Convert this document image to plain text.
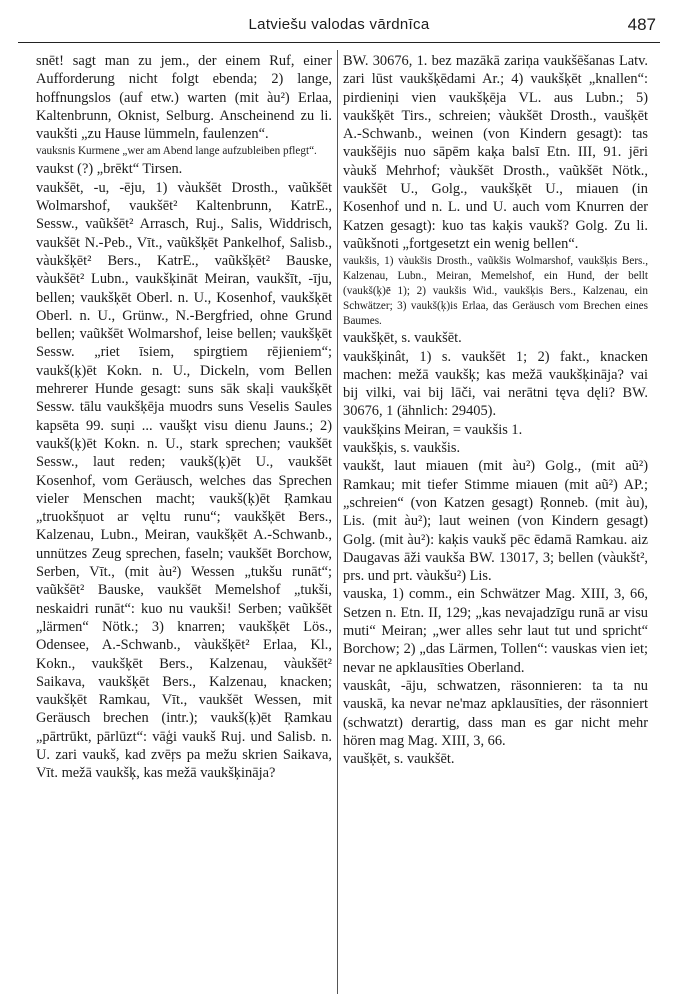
Latviešu valodas vārdnīca	487

snēt! sagt man zu jem., der einem Ruf, einer Aufforderung nicht folgt ebenda; 2) lange, hoffnungslos (auf etw.) warten (mit àu²) Erlaa, Kaltenbrunn, Oknist, Selburg. Anscheinend zu li. vaukšti „zu Hause lümmeln, faulenzen“.

vauksnis Kurmene „wer am Abend lange aufzubleiben pflegt“.

vaukst (?) „brēkt“ Tirsen.

vaukšēt, -u, -ēju, 1) vàukšēt Drosth., vaũkšēt Wolmarshof, vaukšēt² Kaltenbrunn, KatrE., Sessw., vaũkšēt² Arrasch, Ruj., Salis, Widdrisch, vaukšēt N.-Peb., Vīt., vaũkšķēt Pankelhof, Salisb., vàukšķēt² Bers., KatrE., vaũkšķēt² Bauske, vàukšēt² Lubn., vaukšķināt Meiran, vaukšīt, -īju, bellen; vaukšķēt Oberl. n. U., Kosenhof, vaukšķēt Oberl. n. U., Grünw., N.-Bergfried, ohne Grund bellen; vaũkšēt Wolmarshof, leise bellen; vaukšķēt Sessw. „riet īsiem, spirgtiem rējieniem“; vaukš(ķ)ēt Kokn. n. U., Dickeln, vom Bellen mehrerer Hunde gesagt: suns sāk skaļi vaukšķēt Sessw. tālu vaukšķēja muodrs suns Veselis Saules kapsēta 99. suņi ... vaušķt visu dienu Jauns.; 2) vaukš(ķ)ēt Kokn. n. U., stark sprechen; vaukšēt Sessw., laut reden; vaukš(ķ)ēt U., vaukšēt Kosenhof, vom Geräusch, welches das Sprechen vieler Menschen macht; vaukš(ķ)ēt Ŗamkau „truokšņuot ar vęltu runu“; vaukšķēt Bers., Kalzenau, Lubn., Meiran, vaukšķēt A.-Schwanb., unnützes Zeug sprechen, faseln; vaukšēt Borchow, Serben, Vīt., (mit àu²) Wessen „tukšu runāt“; vaũkšēt² Bauske, vaukšēt Memelshof „tukši, neskaidri runāt“: kuo nu vaukši! Serben; vaũkšēt „lärmen“ Nötk.; 3) knarren; vaukšķēt Lös., Odensee, A.-Schwanb., vàukšķēt² Erlaa, Kl., Kokn., vaukšķēt Bers., Kalzenau, vàukšēt² Saikava, vaukšķēt Bers., Kalzenau, knacken; vaukšķēt Ramkau, Vīt., vaukšēt Wessen, mit Geräusch brechen (intr.); vaukš(ķ)ēt Ŗamkau „pārtrūkt, pārlūzt“: vāģi vaukš Ruj. und Salisb. n. U. zari vaukš, kad zvēŗs pa mežu skrien Saikava, Vīt. mežā vaukšķ, kas mežā vaukšķināja?

BW. 30676, 1. bez mazākā zariņa vaukšēšanas Latv. zari lūst vaukšķēdami Ar.; 4) vaukšķēt „knallen“: pirdieniņi vien vaukšķēja VL. aus Lubn.; 5) vaukšķēt Tirs., schreien; vàukšēt Drosth., vaušķēt A.-Schwanb., weinen (von Kindern gesagt): tas vaukšējis nuo sāpēm kaķa balsī Etn. III, 91. jēri vàukš Mehrhof; vàukšēt Drosth., vaũkšēt Nötk., vaukšēt U., Golg., vaukšķēt U., miauen (in Kosenhof und n. L. und U. auch vom Knurren der Katzen gesagt): kuo tas kaķis vaukš? Golg. Zu li. vaũkšnoti „fortgesetzt ein wenig bellen“.

vaukšis, 1) vàukšis Drosth., vaũkšis Wolmarshof, vaukšķis Bers., Kalzenau, Lubn., Meiran, Memelshof, ein Hund, der bellt (vaukš(ķ)ē 1); 2) vaukšis Wid., vaukšķis Bers., Kalzenau, ein Schwätzer; 3) vaukš(ķ)is Erlaa, das Geräusch vom Brechen eines Baumes.

vaukšķēt, s. vaukšēt.

vaukšķinât, 1) s. vaukšēt 1; 2) fakt., knacken machen: mežā vaukšķ; kas mežā vaukšķināja? vai bij vilki, vai bij lāči, vai nerātni tęva dęli? BW. 30676, 1 (ähnlich: 29405).

vaukšķins Meiran, = vaukšis 1.

vaukšķis, s. vaukšis.

vaukšt, laut miauen (mit àu²) Golg., (mit aũ²) Ramkau; mit tiefer Stimme miauen (mit aũ²) AP.; „schreien“ (von Katzen gesagt) Ŗonneb. (mit àu), Lis. (mit àu²); laut weinen (von Kindern gesagt) Golg. (mit àu²): kaķis vaukš pēc ēdamā Ramkau. aiz Daugavas āži vaukša BW. 13017, 3; bellen (vàukšt², prs. und prt. vàukšu²) Lis.

vauska, 1) comm., ein Schwätzer Mag. XIII, 3, 66, Setzen n. Etn. II, 129; „kas nevajadzīgu runā ar visu muti“ Meiran; „wer alles sehr laut tut und spricht“ Borchow; 2) „das Lärmen, Tollen“: vauskas vien iet; nevar ne apklausīties Oberland.

vauskât, -āju, schwatzen, räsonnieren: ta ta nu vauskā, ka nevar ne'maz apklausīties, der räsonniert (schwatzt) derartig, dass man es gar nicht mehr hören mag Mag. XIII, 3, 66.

vaušķēt, s. vaukšēt.
